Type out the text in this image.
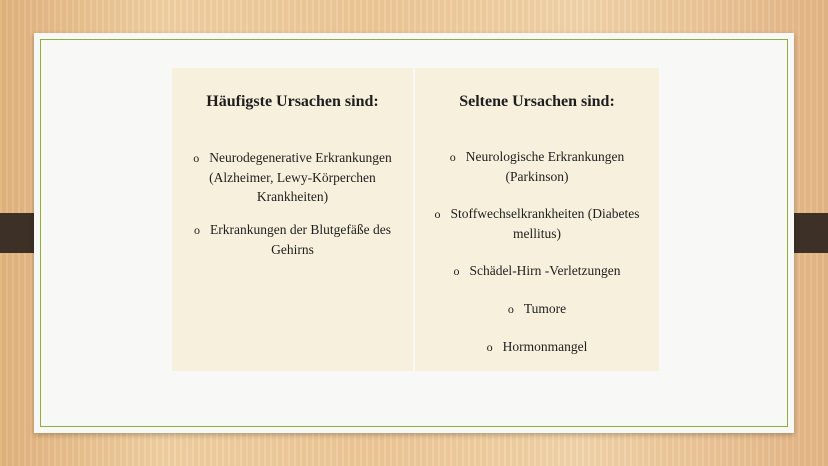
Häufigste Ursachen sind:
o Neurodegenerative Erkrankungen (Alzheimer, Lewy-Körperchen Krankheiten)
o Erkrankungen der Blutgefäße des Gehirns
Seltene Ursachen sind:
o Neurologische Erkrankungen (Parkinson)
o Stoffwechselkrankheiten (Diabetes mellitus)
o Schädel-Hirn -Verletzungen
o Tumore
o Hormonmangel
